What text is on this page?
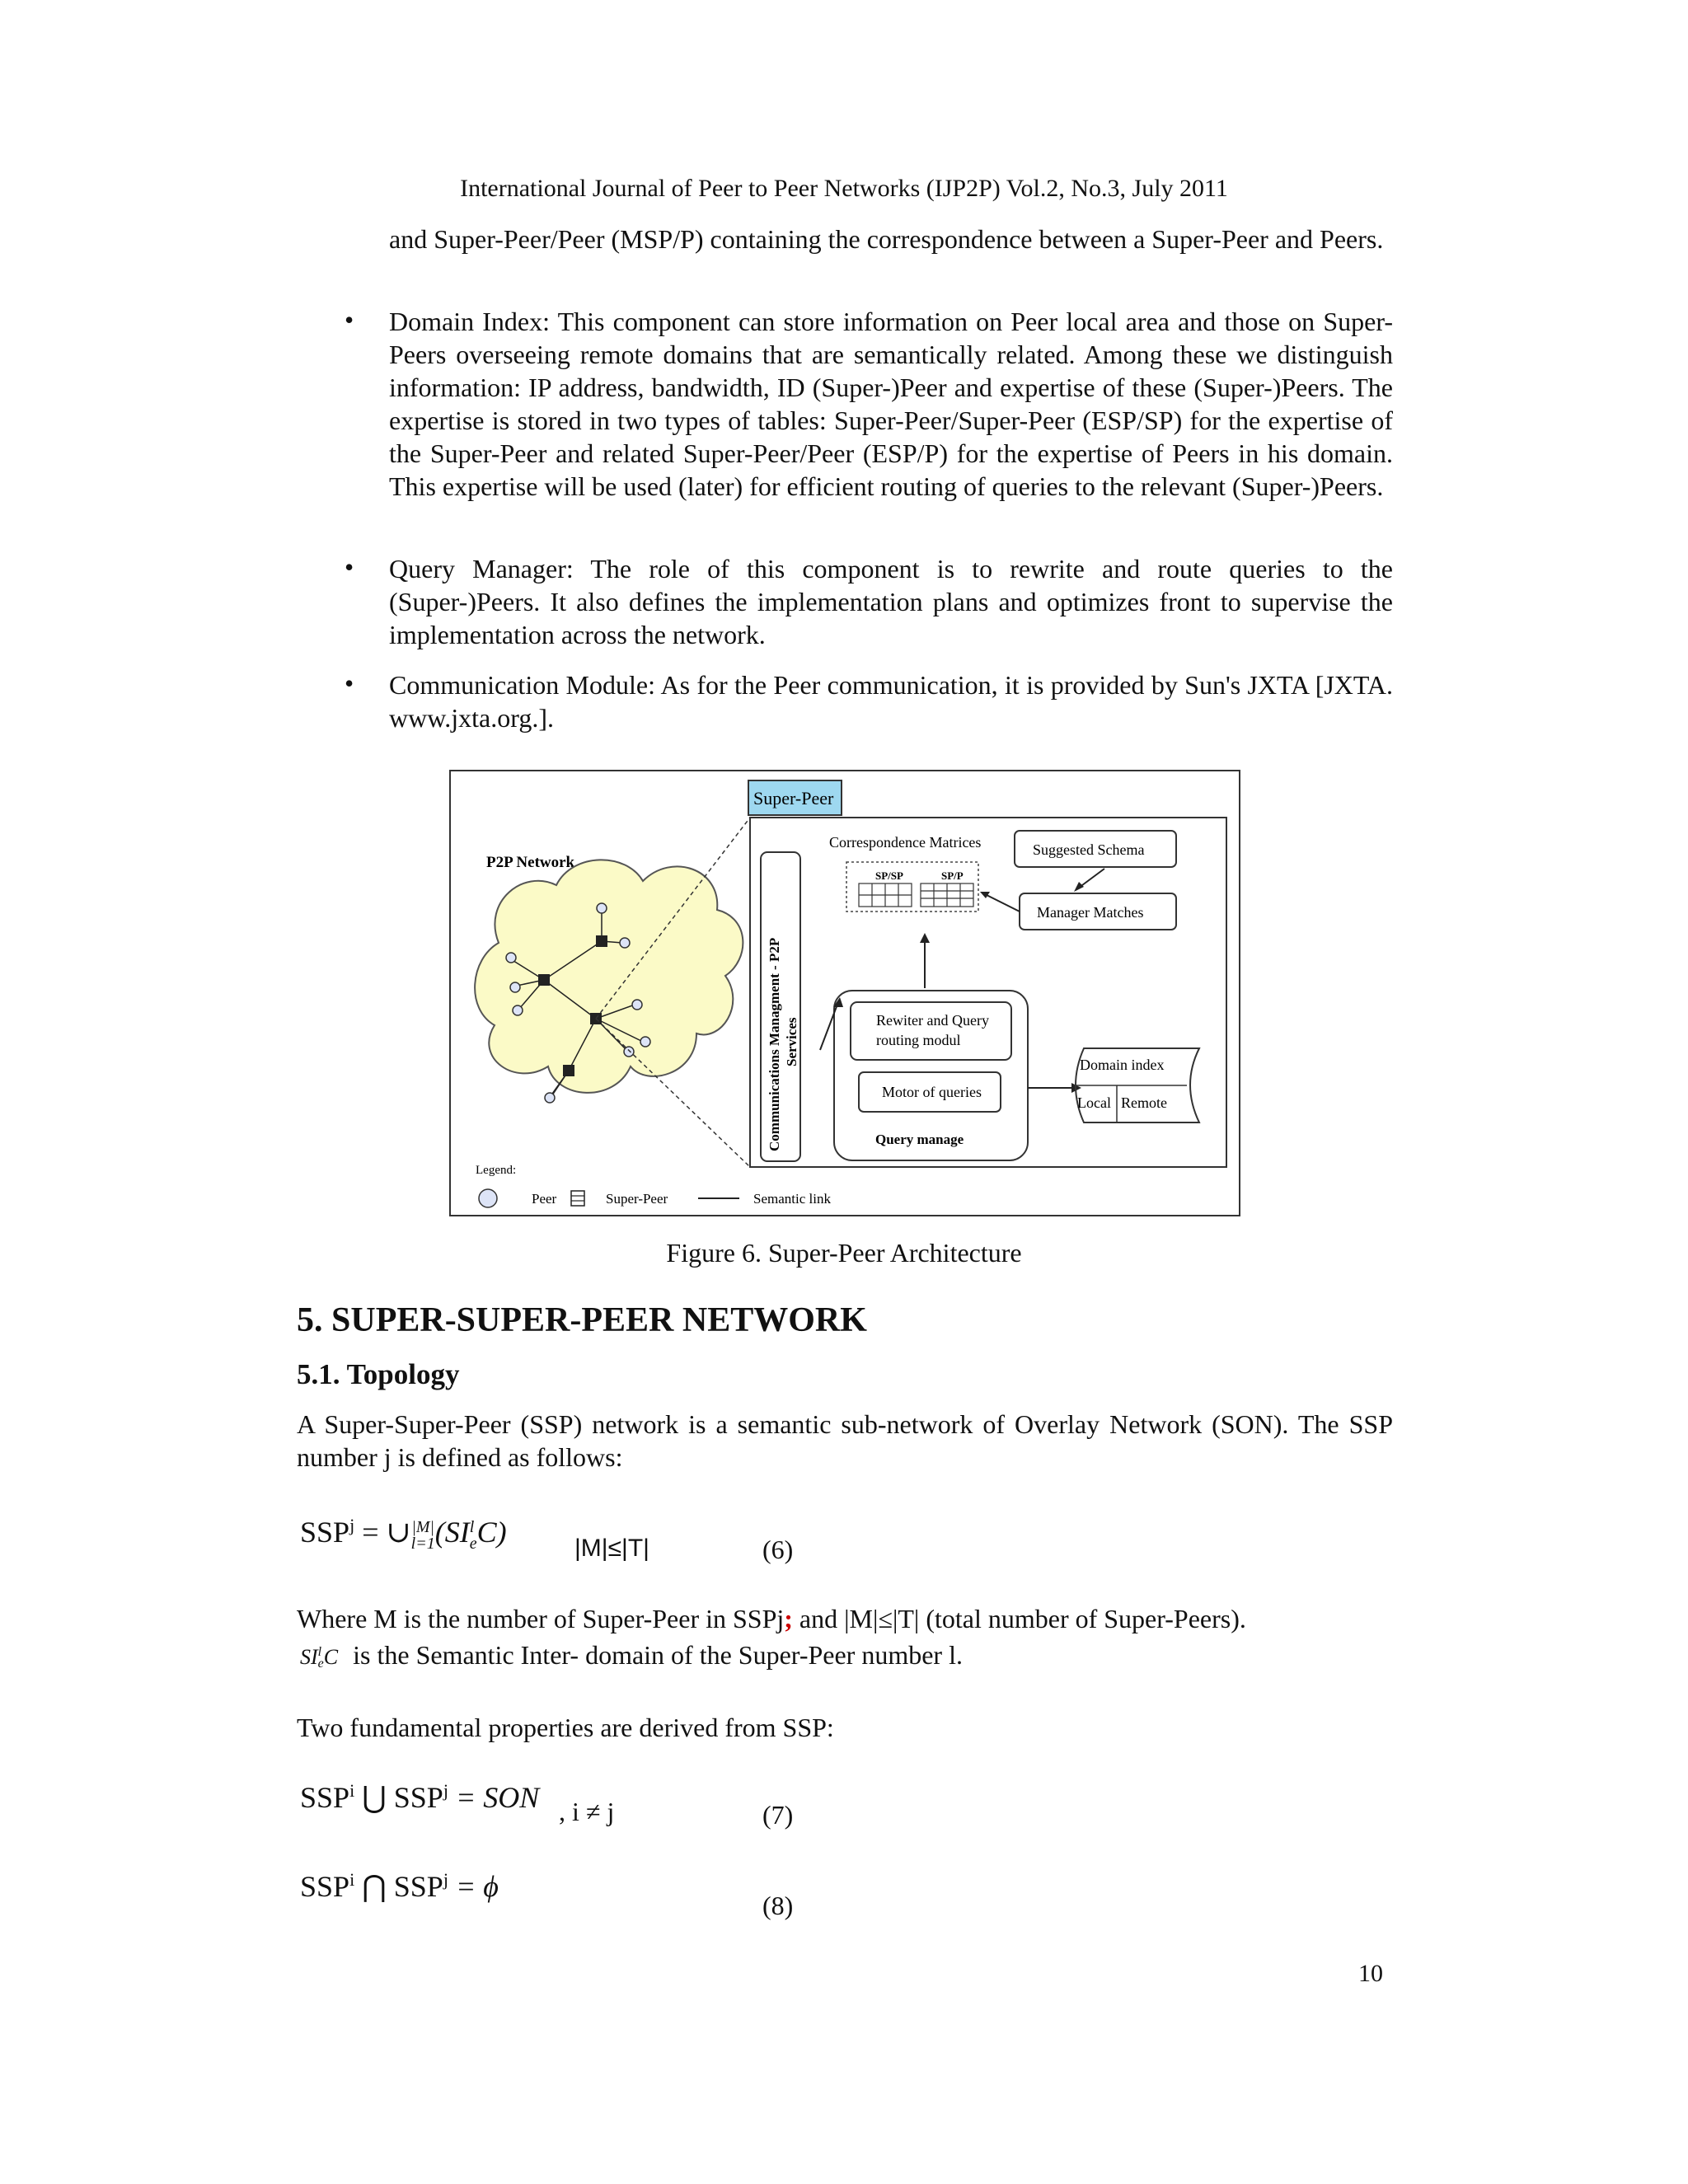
International Journal of Peer to Peer Networks (IJP2P) Vol.2, No.3, July 2011
and Super-Peer/Peer (MSP/P) containing the correspondence between a Super-Peer and Peers.
• Domain Index: This component can store information on Peer local area and those on Super-Peers overseeing remote domains that are semantically related. Among these we distinguish information: IP address, bandwidth, ID (Super-)Peer and expertise of these (Super-)Peers. The expertise is stored in two types of tables: Super-Peer/Super-Peer (ESP/SP) for the expertise of the Super-Peer and related Super-Peer/Peer (ESP/P) for the expertise of Peers in his domain. This expertise will be used (later) for efficient routing of queries to the relevant (Super-)Peers.
• Query Manager: The role of this component is to rewrite and route queries to the (Super-)Peers. It also defines the implementation plans and optimizes front to supervise the implementation across the network.
• Communication Module: As for the Peer communication, it is provided by Sun's JXTA [JXTA. www.jxta.org.].
Super-Peer
P2P Network
Communications Managment - P2P Services
Correspondence Matrices
SP/SP	SP/P
Suggested Schema
Manager Matches
Rewiter and Query
routing modul
Motor of queries
Query manage
Domain index
Local Remote
Legend:
Peer	Super-Peer	Semantic link
Figure 6. Super-Peer Architecture
5. SUPER-SUPER-PEER NETWORK
5.1. Topology
A Super-Super-Peer (SSP) network is a semantic sub-network of Overlay Network (SON). The SSP number j is defined as follows:
$SSP^j$ = ∪ |M|
l=1 (SI l
e C)	|M|≤|T|	(6)
Where M is the number of Super-Peer in SSPj; and |M|≤|T| (total number of Super-Peers).
SI l
e C is the Semantic Inter- domain of the Super-Peer number l.
Two fundamental properties are derived from SSP:
SSP$^i$ ⋃ $SSP^j$ = SON , i ≠ j	(7)
SSP$^i$ ⋂ $SSP^j = \phi$
(8)
10
